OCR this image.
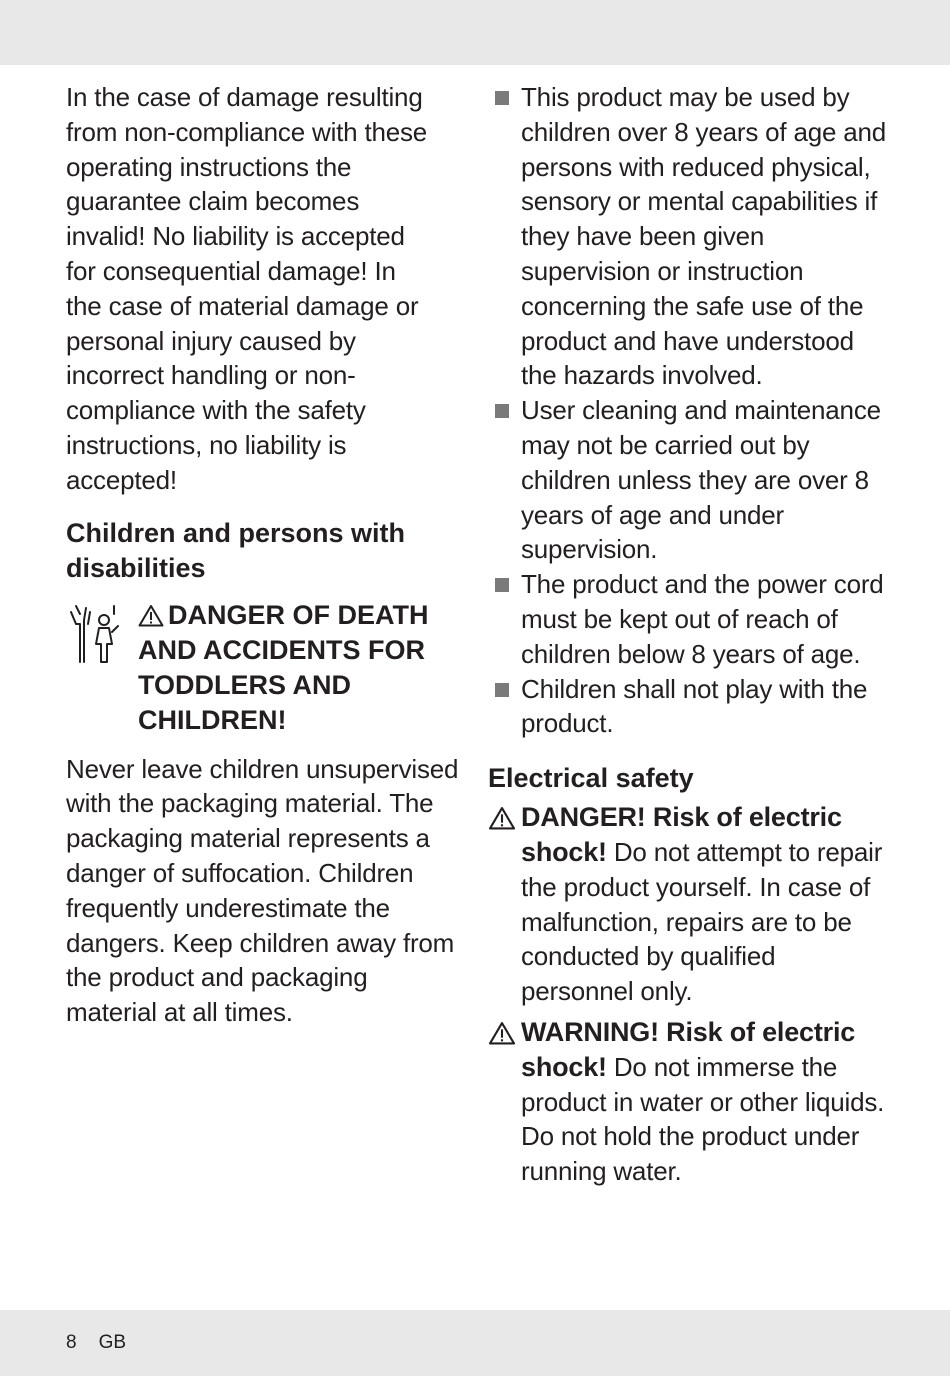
In the case of damage resulting from non-compliance with these operating instructions the guarantee claim becomes invalid! No liability is accepted for consequential damage! In the case of material damage or personal injury caused by incorrect handling or non-compliance with the safety instructions, no liability is accepted!

Children and persons with disabilities
DANGER OF DEATH AND ACCIDENTS FOR TODDLERS AND CHILDREN!

Never leave children unsupervised with the packaging material. The packaging material represents a danger of suffocation. Children frequently underestimate the dangers. Keep children away from the product and packaging material at all times.

This product may be used by children over 8 years of age and persons with reduced physical, sensory or mental capabilities if they have been given supervision or instruction concerning the safe use of the product and have understood the hazards involved.
User cleaning and maintenance may not be carried out by children unless they are over 8 years of age and under supervision.
The product and the power cord must be kept out of reach of children below 8 years of age.
Children shall not play with the product.
Electrical safety
DANGER! Risk of electric shock! Do not attempt to repair the product yourself. In case of malfunction, repairs are to be conducted by qualified personnel only.
WARNING! Risk of electric shock! Do not immerse the product in water or other liquids. Do not hold the product under running water.
8 GB
